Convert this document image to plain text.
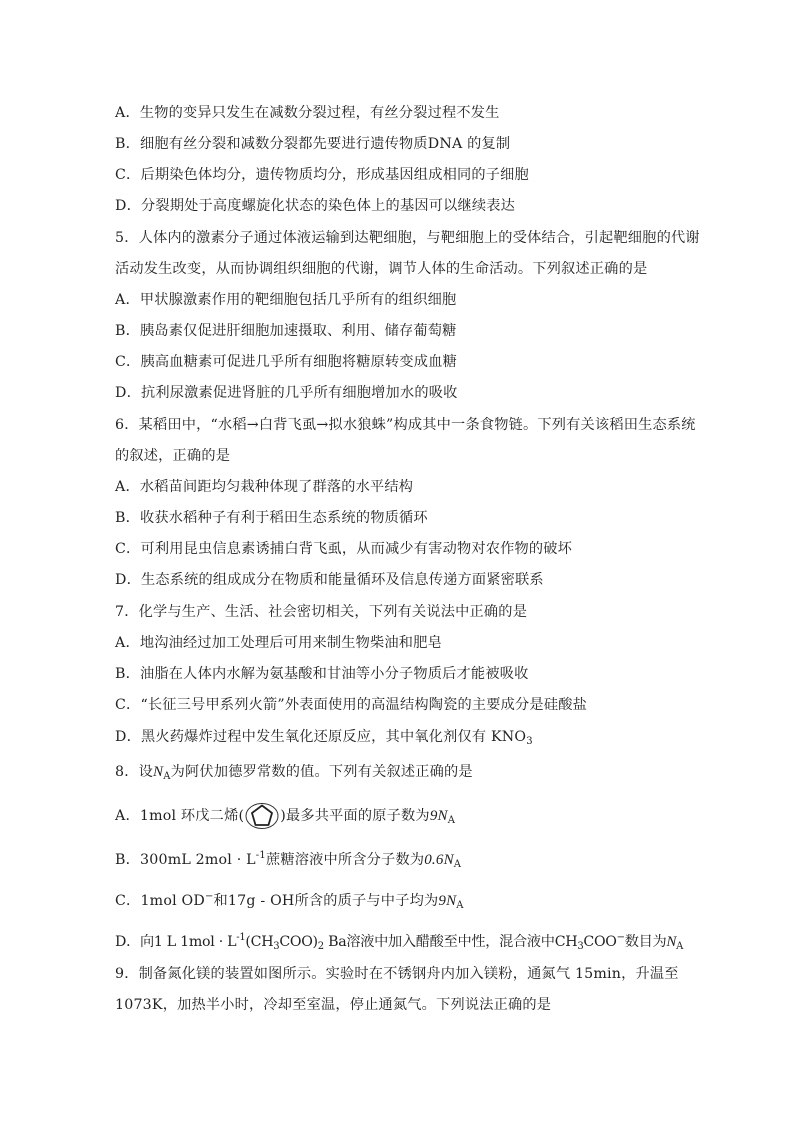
A．生物的变异只发生在减数分裂过程，有丝分裂过程不发生
B．细胞有丝分裂和减数分裂都先要进行遗传物质DNA 的复制
C．后期染色体均分，遗传物质均分，形成基因组成相同的子细胞
D．分裂期处于高度螺旋化状态的染色体上的基因可以继续表达
5．人体内的激素分子通过体液运输到达靶细胞，与靶细胞上的受体结合，引起靶细胞的代谢
活动发生改变，从而协调组织细胞的代谢，调节人体的生命活动。下列叙述正确的是
A．甲状腺激素作用的靶细胞包括几乎所有的组织细胞
B．胰岛素仅促进肝细胞加速摄取、利用、储存葡萄糖
C．胰高血糖素可促进几乎所有细胞将糖原转变成血糖
D．抗利尿激素促进肾脏的几乎所有细胞增加水的吸收
6．某稻田中，“水稻→白背飞虱→拟水狼蛛”构成其中一条食物链。下列有关该稻田生态系统
的叙述，正确的是
A．水稻苗间距均匀栽种体现了群落的水平结构
B．收获水稻种子有利于稻田生态系统的物质循环
C．可利用昆虫信息素诱捕白背飞虱，从而减少有害动物对农作物的破坏
D．生态系统的组成成分在物质和能量循环及信息传递方面紧密联系
7．化学与生产、生活、社会密切相关，下列有关说法中正确的是
A．地沟油经过加工处理后可用来制生物柴油和肥皂
B．油脂在人体内水解为氨基酸和甘油等小分子物质后才能被吸收
C．“长征三号甲系列火箭”外表面使用的高温结构陶瓷的主要成分是硅酸盐
D．黑火药爆炸过程中发生氧化还原反应，其中氧化剂仅有 $KNO_3$
8．设$N_A$为阿伏加德罗常数的值。下列有关叙述正确的是
A．1mol 环戊二烯(	)最多共平面的原子数为$9N_A$
B．300mL $2mol \cdot L^{-1}$蔗糖溶液中所含分子数为$0.6N_A$
C．1mol OD−和17g - OH所含的质子与中子均为$9N_A$
D．向1 L $1mol \cdot L^{-1}(CH_3COO)_2$ Ba溶液中加入醋酸至中性，混合液中$CH_3COO^-$数目为$N_A$
9．制备氮化镁的装置如图所示。实验时在不锈钢舟内加入镁粉，通氮气 15min，升温至
1073K，加热半小时，冷却至室温，停止通氮气。下列说法正确的是
